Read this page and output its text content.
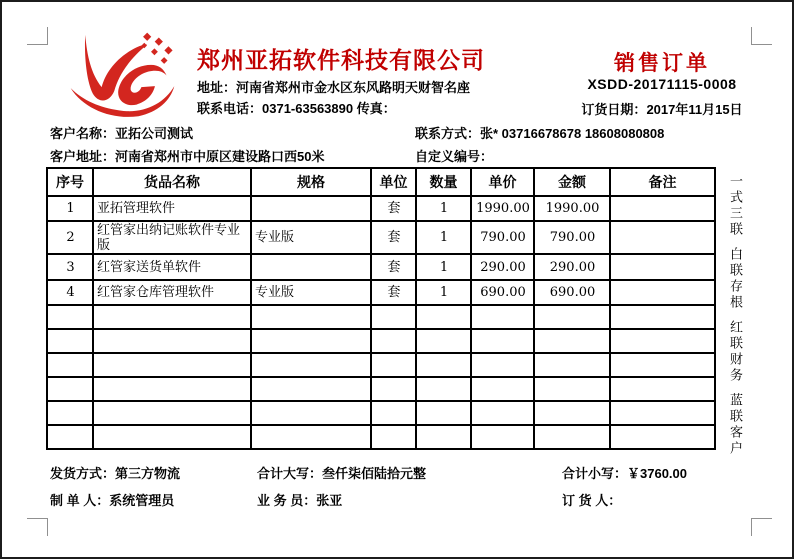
郑州亚拓软件科技有限公司
地址：河南省郑州市金水区东风路明天财智名座
联系电话：0371-63563890 传真：
销售订单
XSDD-20171115-0008
订货日期：2017年11月15日
客户名称：亚拓公司测试	联系方式：张* 03716678678 18608080808
客户地址：河南省郑州市中原区建设路口西50米	自定义编号：
序号	货品名称	规格	单位	数量	单价	金额	备注
1	亚拓管理软件		套	1	1990.00	1990.00	
2	红管家出纳记账软件专业版	专业版	套	1	790.00	790.00	
3	红管家送货单软件		套	1	290.00	290.00	
4	红管家仓库管理软件	专业版	套	1	690.00	690.00	

一式三联
白联存根
红联财务
蓝联客户
发货方式：第三方物流	合计大写：叁仟柒佰陆拾元整	合计小写：￥3760.00
制 单 人：系统管理员	业 务 员：张亚	订 货 人：
